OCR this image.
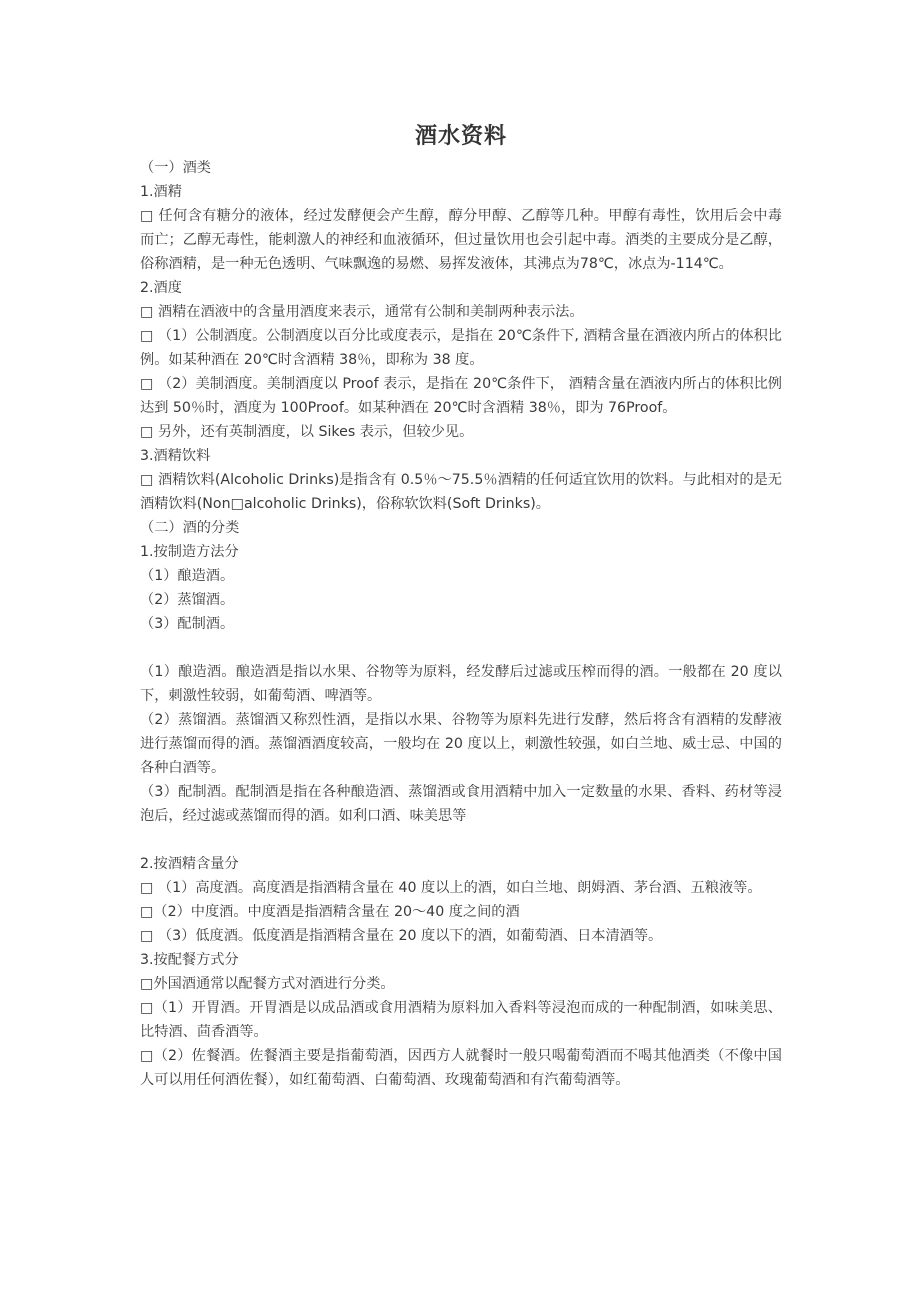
酒水资料
（一）酒类
1.酒精
□ 任何含有糖分的液体，经过发酵便会产生醇，醇分甲醇、乙醇等几种。甲醇有毒性，饮用后会中毒而亡；乙醇无毒性，能刺激人的神经和血液循环，但过量饮用也会引起中毒。酒类的主要成分是乙醇，俗称酒精，是一种无色透明、气味飘逸的易燃、易挥发液体，其沸点为78℃，冰点为-114℃。
2.酒度
□ 酒精在酒液中的含量用酒度来表示，通常有公制和美制两种表示法。
□ （1）公制酒度。公制酒度以百分比或度表示，是指在 20℃条件下, 酒精含量在酒液内所占的体积比例。如某种酒在 20℃时含酒精 38％，即称为 38 度。
□ （2）美制酒度。美制酒度以 Proof 表示，是指在 20℃条件下， 酒精含量在酒液内所占的体积比例达到 50％时，酒度为 100Proof。如某种酒在 20℃时含酒精 38％，即为 76Proof。
□ 另外，还有英制酒度，以 Sikes 表示，但较少见。
3.酒精饮料
□ 酒精饮料(Alcoholic Drinks)是指含有 0.5％～75.5％酒精的任何适宜饮用的饮料。与此相对的是无酒精饮料(Non□alcoholic Drinks)，俗称软饮料(Soft Drinks)。
（二）酒的分类
1.按制造方法分
（1）酿造酒。
（2）蒸馏酒。
（3）配制酒。
（1）酿造酒。酿造酒是指以水果、谷物等为原料，经发酵后过滤或压榨而得的酒。一般都在 20 度以下，刺激性较弱，如葡萄酒、啤酒等。
（2）蒸馏酒。蒸馏酒又称烈性酒，是指以水果、谷物等为原料先进行发酵，然后将含有酒精的发酵液进行蒸馏而得的酒。蒸馏酒酒度较高，一般均在 20 度以上，刺激性较强，如白兰地、威士忌、中国的各种白酒等。
（3）配制酒。配制酒是指在各种酿造酒、蒸馏酒或食用酒精中加入一定数量的水果、香料、药材等浸泡后，经过滤或蒸馏而得的酒。如利口酒、味美思等
2.按酒精含量分
□ （1）高度酒。高度酒是指酒精含量在 40 度以上的酒，如白兰地、朗姆酒、茅台酒、五粮液等。
□（2）中度酒。中度酒是指酒精含量在 20～40 度之间的酒
□ （3）低度酒。低度酒是指酒精含量在 20 度以下的酒，如葡萄酒、日本清酒等。
3.按配餐方式分
□外国酒通常以配餐方式对酒进行分类。
□（1）开胃酒。开胃酒是以成品酒或食用酒精为原料加入香料等浸泡而成的一种配制酒，如味美思、比特酒、茴香酒等。
□（2）佐餐酒。佐餐酒主要是指葡萄酒，因西方人就餐时一般只喝葡萄酒而不喝其他酒类（不像中国人可以用任何酒佐餐），如红葡萄酒、白葡萄酒、玫瑰葡萄酒和有汽葡萄酒等。
